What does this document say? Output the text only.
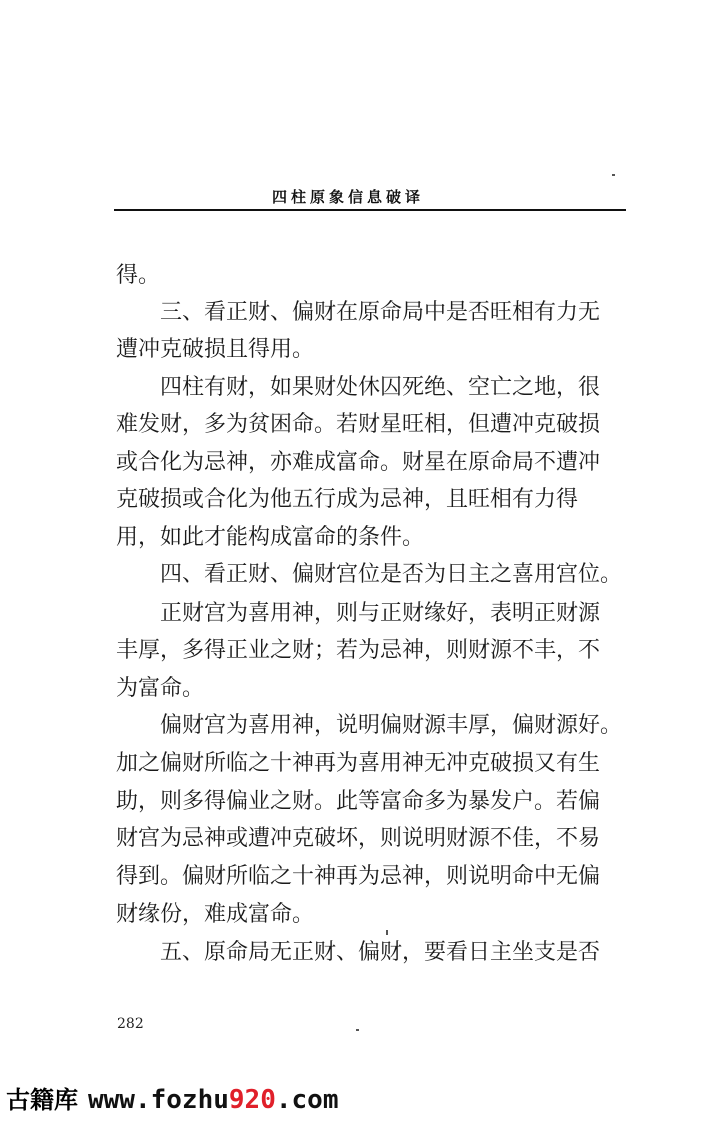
四柱原象信息破译
得。
三、看正财、偏财在原命局中是否旺相有力无
遭冲克破损且得用。
四柱有财，如果财处休囚死绝、空亡之地，很
难发财，多为贫困命。若财星旺相，但遭冲克破损
或合化为忌神，亦难成富命。财星在原命局不遭冲
克破损或合化为他五行成为忌神，且旺相有力得
用，如此才能构成富命的条件。
四、看正财、偏财宫位是否为日主之喜用宫位。
正财宫为喜用神，则与正财缘好，表明正财源
丰厚，多得正业之财；若为忌神，则财源不丰，不
为富命。
偏财宫为喜用神，说明偏财源丰厚，偏财源好。
加之偏财所临之十神再为喜用神无冲克破损又有生
助，则多得偏业之财。此等富命多为暴发户。若偏
财宫为忌神或遭冲克破坏，则说明财源不佳，不易
得到。偏财所临之十神再为忌神，则说明命中无偏
财缘份，难成富命。
五、原命局无正财、偏财，要看日主坐支是否
282
古籍库 www.fozhu 920 .com
